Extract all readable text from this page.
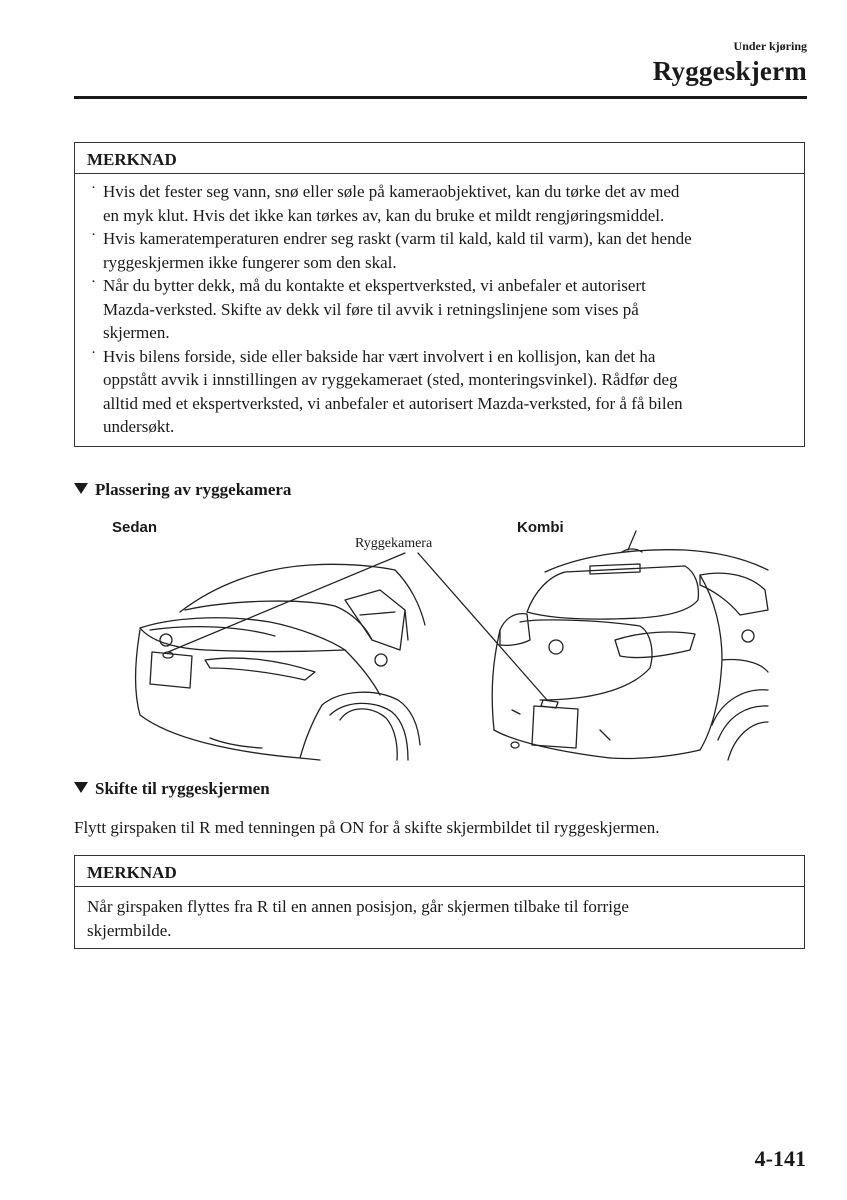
Under kjøring
Ryggeskjerm
MERKNAD
· Hvis det fester seg vann, snø eller søle på kameraobjektivet, kan du tørke det av med
en myk klut. Hvis det ikke kan tørkes av, kan du bruke et mildt rengjøringsmiddel.
· Hvis kameratemperaturen endrer seg raskt (varm til kald, kald til varm), kan det hende
ryggeskjermen ikke fungerer som den skal.
· Når du bytter dekk, må du kontakte et ekspertverksted, vi anbefaler et autorisert
Mazda-verksted. Skifte av dekk vil føre til avvik i retningslinjene som vises på
skjermen.
· Hvis bilens forside, side eller bakside har vært involvert i en kollisjon, kan det ha
oppstått avvik i innstillingen av ryggekameraet (sted, monteringsvinkel). Rådfør deg
alltid med et ekspertverksted, vi anbefaler et autorisert Mazda-verksted, for å få bilen
undersøkt.
Plassering av ryggekamera
Sedan	Kombi
Ryggekamera
Skifte til ryggeskjermen
Flytt girspaken til R med tenningen på ON for å skifte skjermbildet til ryggeskjermen.
MERKNAD
Når girspaken flyttes fra R til en annen posisjon, går skjermen tilbake til forrige
skjermbilde.
4-141
